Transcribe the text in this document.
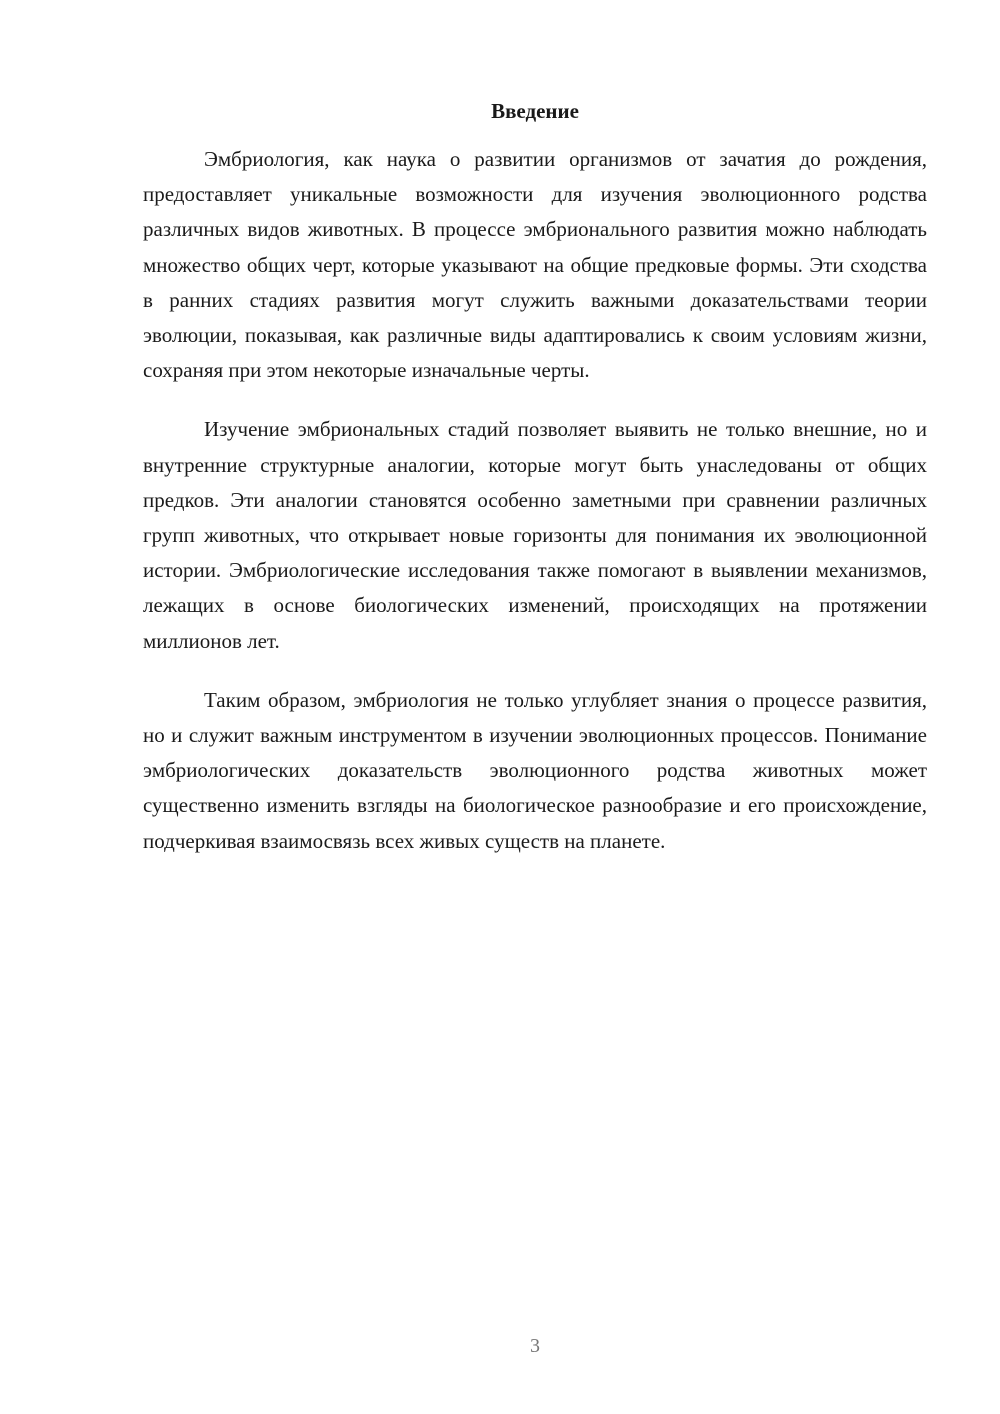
Введение

Эмбриология, как наука о развитии организмов от зачатия до рождения, предоставляет уникальные возможности для изучения эволюционного родства различных видов животных. В процессе эмбрионального развития можно наблюдать множество общих черт, которые указывают на общие предковые формы. Эти сходства в ранних стадиях развития могут служить важными доказательствами теории эволюции, показывая, как различные виды адаптировались к своим условиям жизни, сохраняя при этом некоторые изначальные черты.

Изучение эмбриональных стадий позволяет выявить не только внешние, но и внутренние структурные аналогии, которые могут быть унаследованы от общих предков. Эти аналогии становятся особенно заметными при сравнении различных групп животных, что открывает новые горизонты для понимания их эволюционной истории. Эмбриологические исследования также помогают в выявлении механизмов, лежащих в основе биологических изменений, происходящих на протяжении миллионов лет.

Таким образом, эмбриология не только углубляет знания о процессе развития, но и служит важным инструментом в изучении эволюционных процессов. Понимание эмбриологических доказательств эволюционного родства животных может существенно изменить взгляды на биологическое разнообразие и его происхождение, подчеркивая взаимосвязь всех живых существ на планете.

3
